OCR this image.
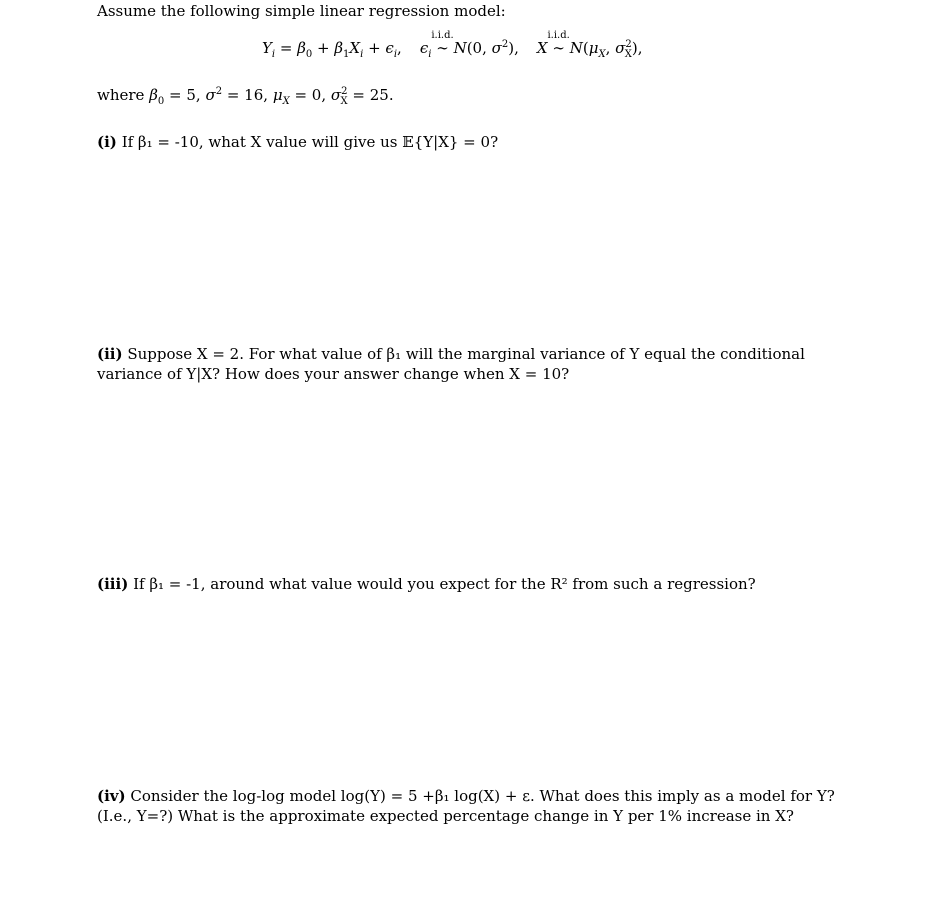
Assume the following simple linear regression model:
$Y_i = \beta_0 + \beta_1X_i + \epsilon_i$, $\epsilon_i$
i.i.d.
∼ N(0, $\sigma^2$), X
i.i.d.
∼ $N(\mu_X$, $\sigma^2_X$),
where $\beta_0 = 5$, $\sigma^2 = 16$, $\mu_X = 0$, $\sigma^2_X = 25$.
(i) If β₁ = -10, what X value will give us 𝔼{Y|X} = 0?
(ii) Suppose X = 2. For what value of β₁ will the marginal variance of Y equal the conditional variance of Y|X? How does your answer change when X = 10?
(iii) If β₁ = -1, around what value would you expect for the R² from such a regression?
(iv) Consider the log-log model log(Y) = 5 +β₁ log(X) + ε. What does this imply as a model for Y? (I.e., Y=?) What is the approximate expected percentage change in Y per 1% increase in X?
